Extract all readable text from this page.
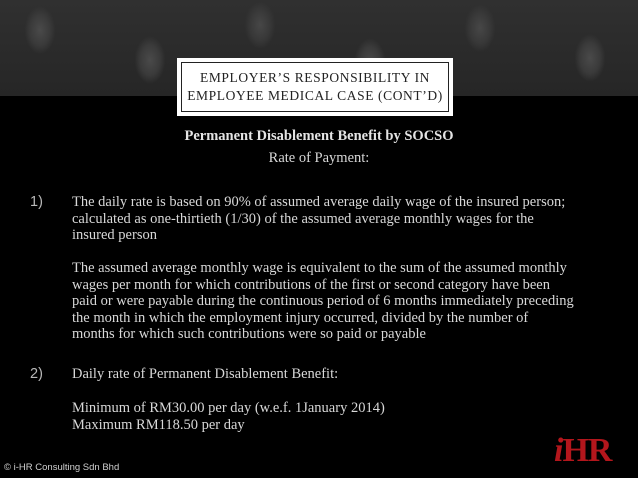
EMPLOYER’S RESPONSIBILITY IN
EMPLOYEE MEDICAL CASE (CONT’D)
Permanent Disablement Benefit by SOCSO
Rate of Payment:
1) The daily rate is based on 90% of assumed average daily wage of the insured person;
calculated as one-thirtieth (1/30) of the assumed average monthly wages for the
insured person
The assumed average monthly wage is equivalent to the sum of the assumed monthly
wages per month for which contributions of the first or second category have been
paid or were payable during the continuous period of 6 months immediately preceding
the month in which the employment injury occurred, divided by the number of
months for which such contributions were so paid or payable
2) Daily rate of Permanent Disablement Benefit:
Minimum of RM30.00 per day (w.e.f. 1January 2014)
Maximum RM118.50 per day
© i-HR Consulting Sdn Bhd	iHR
